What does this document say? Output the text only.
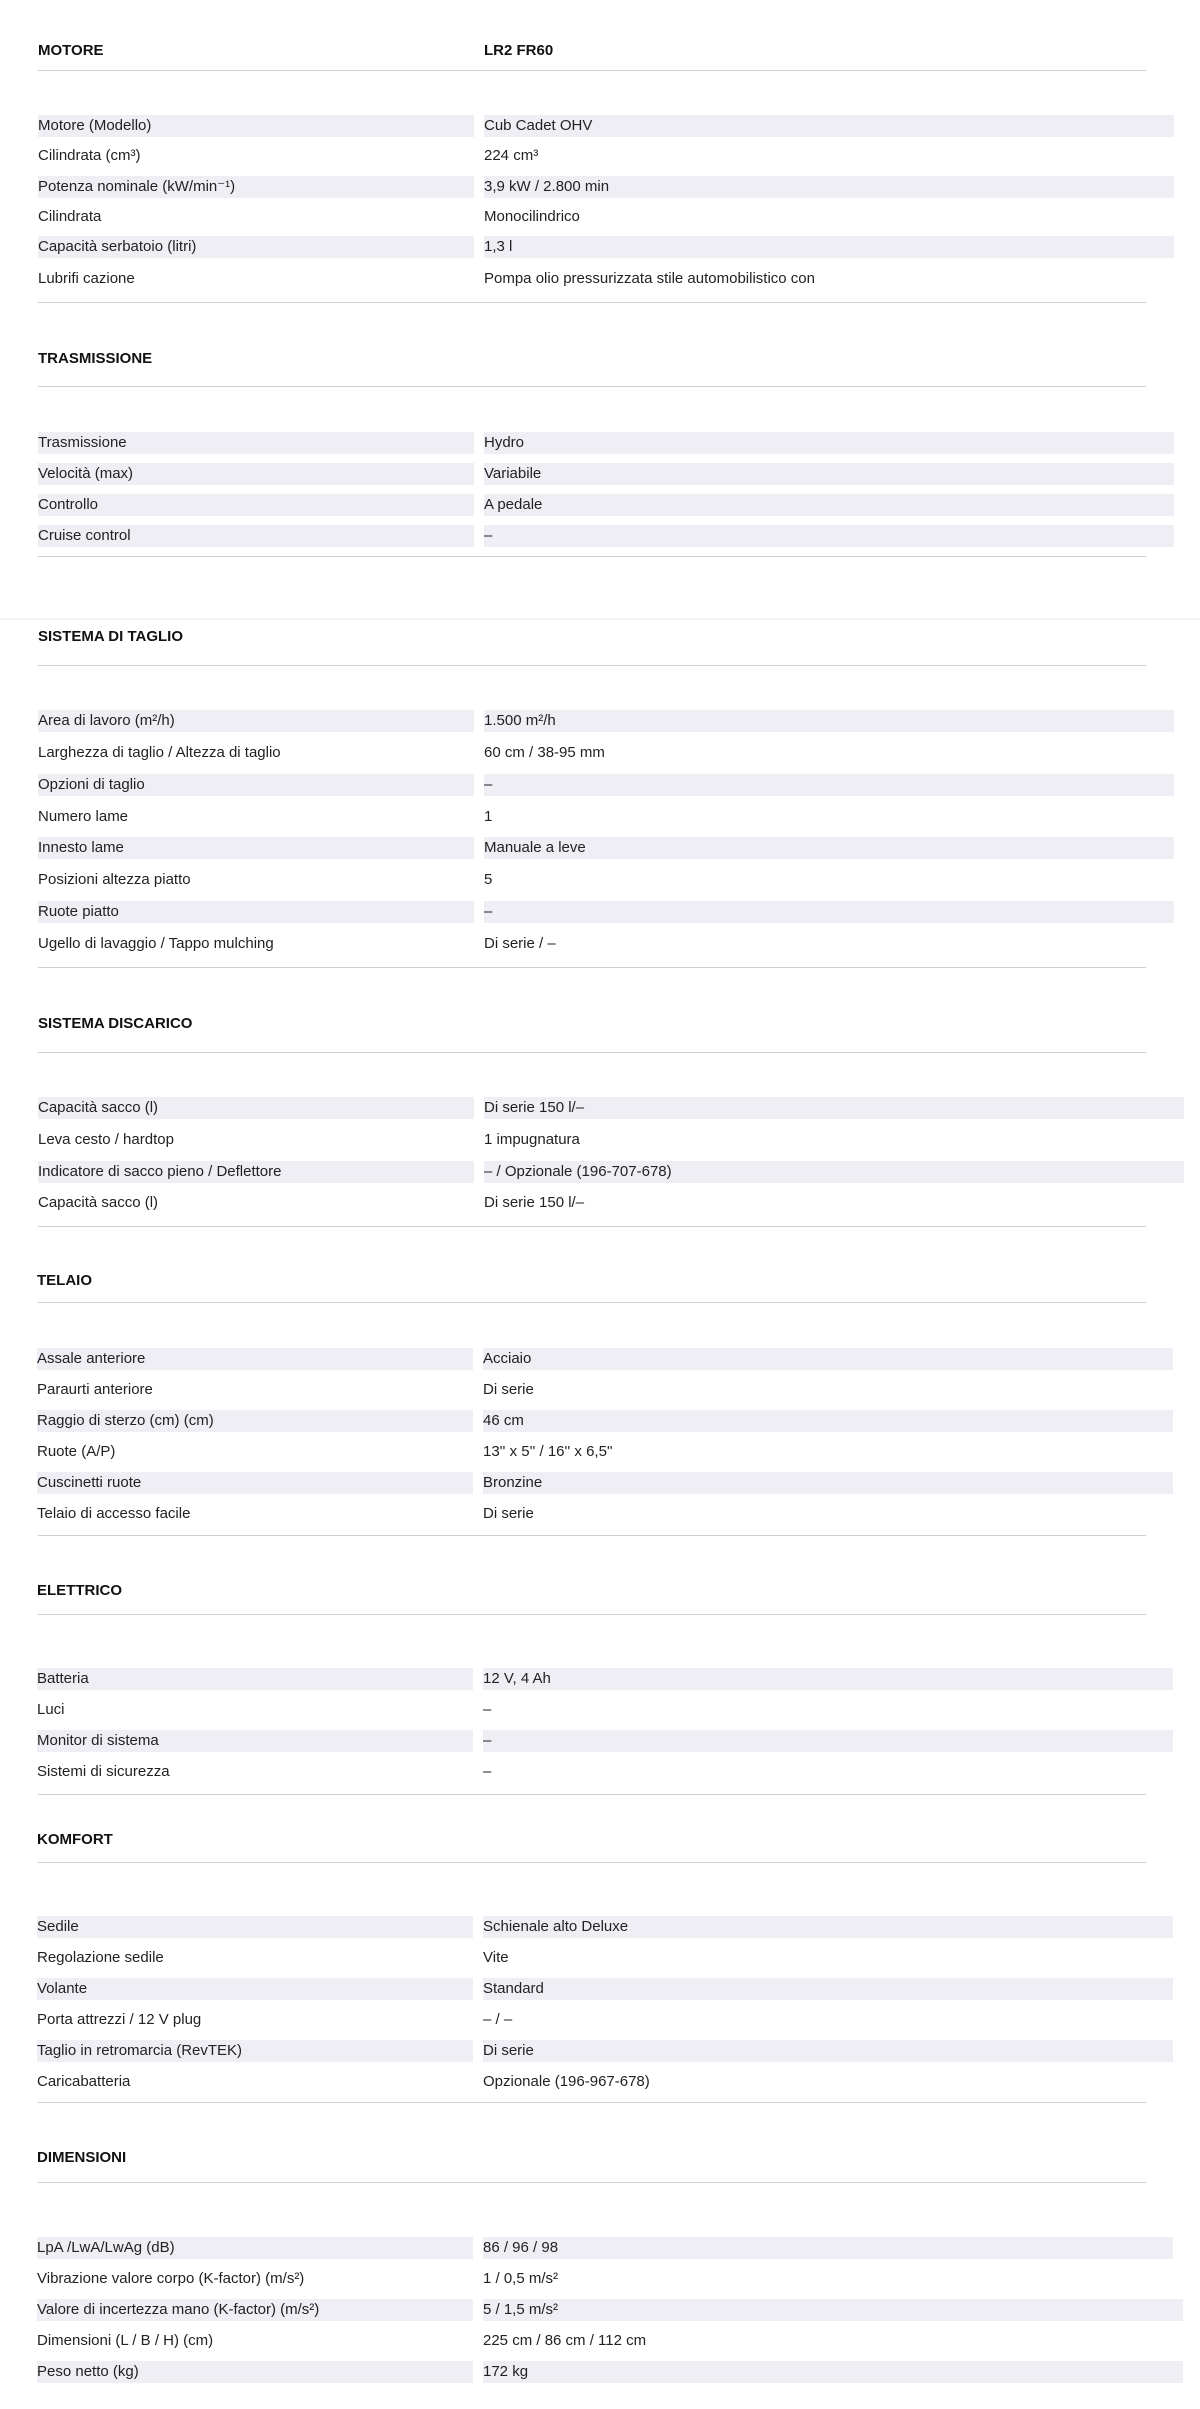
MOTORE	LR2 FR60
Motore (Modello)	Cub Cadet OHV
Cilindrata (cm³)	224 cm³
Potenza nominale (kW/min⁻¹)	3,9 kW / 2.800 min
Cilindrata	Monocilindrico
Capacità serbatoio (litri)	1,3 l
Lubrifi cazione	Pompa olio pressurizzata stile automobilistico con
TRASMISSIONE
Trasmissione	Hydro
Velocità (max)	Variabile
Controllo	A pedale
Cruise control	–
SISTEMA DI TAGLIO
Area di lavoro (m²/h)	1.500 m²/h
Larghezza di taglio / Altezza di taglio	60 cm / 38-95 mm
Opzioni di taglio	–
Numero lame	1
Innesto lame	Manuale a leve
Posizioni altezza piatto	5
Ruote piatto	–
Ugello di lavaggio / Tappo mulching	Di serie / –
SISTEMA DISCARICO
Capacità sacco (l)	Di serie 150 l/–
Leva cesto / hardtop	1 impugnatura
Indicatore di sacco pieno / Deflettore	– / Opzionale (196-707-678)
Capacità sacco (l)	Di serie 150 l/–
TELAIO
Assale anteriore	Acciaio
Paraurti anteriore	Di serie
Raggio di sterzo (cm) (cm)	46 cm
Ruote (A/P)	13'' x 5'' / 16'' x 6,5''
Cuscinetti ruote	Bronzine
Telaio di accesso facile	Di serie
ELETTRICO
Batteria	12 V, 4 Ah
Luci	–
Monitor di sistema	–
Sistemi di sicurezza	–
KOMFORT
Sedile	Schienale alto Deluxe
Regolazione sedile	Vite
Volante	Standard
Porta attrezzi / 12 V plug	– / –
Taglio in retromarcia (RevTEK)	Di serie
Caricabatteria	Opzionale (196-967-678)
DIMENSIONI
LpA /LwA/LwAg (dB)	86 / 96 / 98
Vibrazione valore corpo (K-factor) (m/s²)	1 / 0,5 m/s²
Valore di incertezza mano (K-factor) (m/s²)	5 / 1,5 m/s²
Dimensioni (L / B / H) (cm)	225 cm / 86 cm / 112 cm
Peso netto (kg)	172 kg
